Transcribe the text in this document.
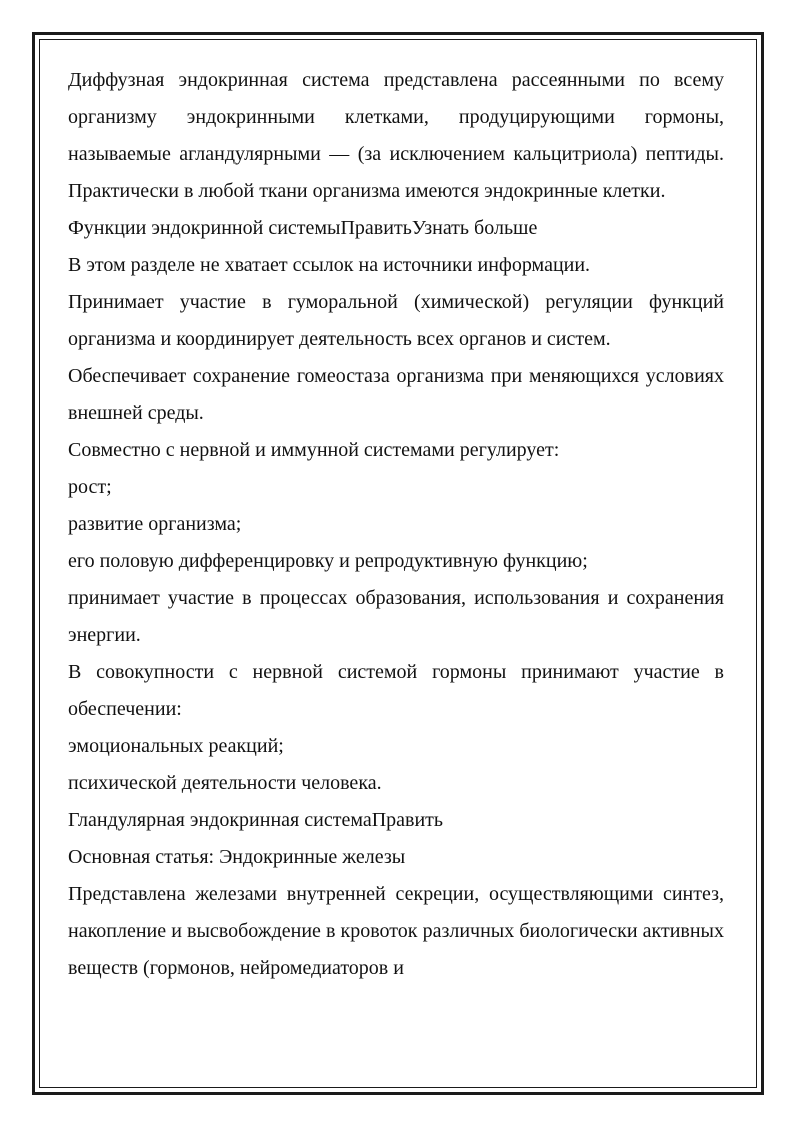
Диффузная эндокринная система представлена рассеянными по всему организму эндокринными клетками, продуцирующими гормоны, называемые агландулярными — (за исключением кальцитриола) пептиды. Практически в любой ткани организма имеются эндокринные клетки.

Функции эндокринной системыПравитьУзнать больше

В этом разделе не хватает ссылок на источники информации.

Принимает участие в гуморальной (химической) регуляции функций организма и координирует деятельность всех органов и систем.

Обеспечивает сохранение гомеостаза организма при меняющихся условиях внешней среды.

Совместно с нервной и иммунной системами регулирует:

рост;

развитие организма;

его половую дифференцировку и репродуктивную функцию;

принимает участие в процессах образования, использования и сохранения энергии.

В совокупности с нервной системой гормоны принимают участие в обеспечении:

эмоциональных реакций;

психической деятельности человека.

Гландулярная эндокринная системаПравить

Основная статья: Эндокринные железы

Представлена железами внутренней секреции, осуществляющими синтез, накопление и высвобождение в кровоток различных биологически активных веществ (гормонов, нейромедиаторов и
